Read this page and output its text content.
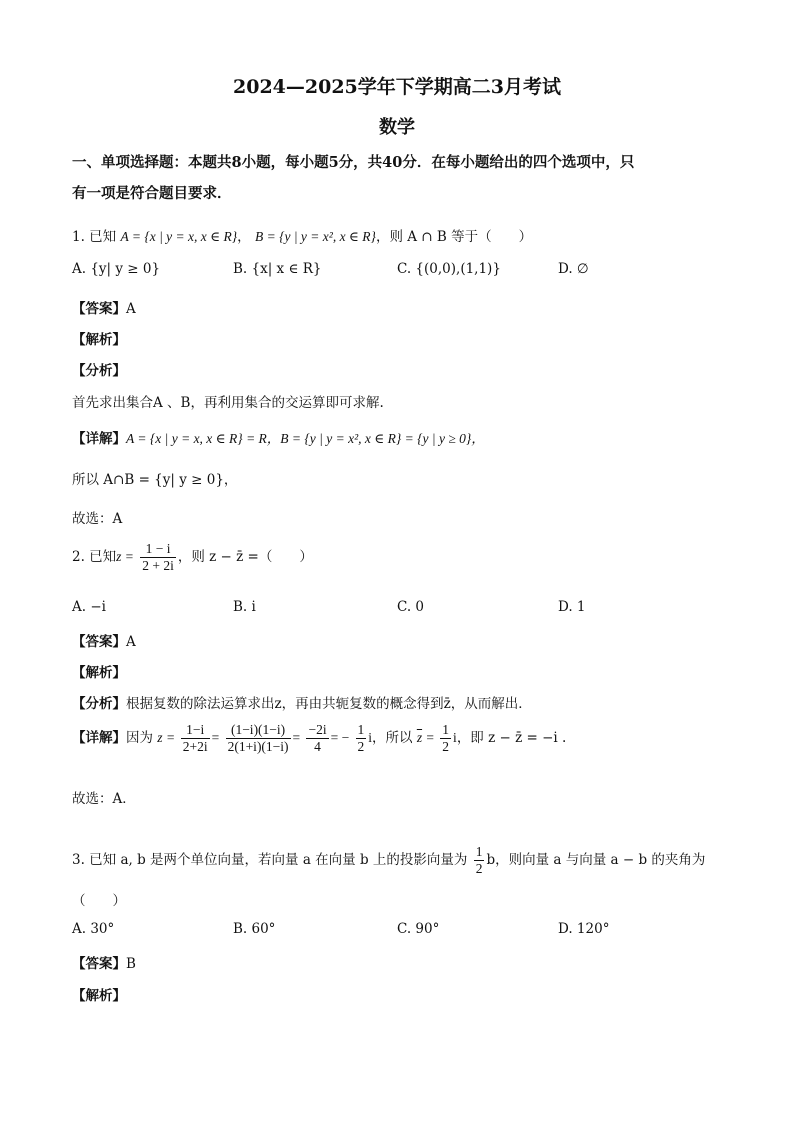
2024—2025学年下学期高二3月考试
数学
一、单项选择题：本题共8小题，每小题5分，共40分．在每小题给出的四个选项中，只
有一项是符合题目要求．
1. 已知 A = {x | y = x, x ∈ R}， B = {y | y = x², x ∈ R}，则 A ∩ B 等于（　　）
A. {y| y ≥ 0}	B. {x| x ∈ R}	C. {(0,0),(1,1)}	D. ∅
【答案】A
【解析】
【分析】
首先求出集合A 、B，再利用集合的交运算即可求解.
【详解】A = {x | y = x, x ∈ R} = R，B = {y | y = x², x ∈ R} = {y | y ≥ 0}，
所以 A∩B = {y| y ≥ 0}，
故选：A
2. 已知$z = \frac{1 - i}{2 + 2i}$ ，则 z − z̄ =（　　）
A. −i	B. i	C. 0	D. 1
【答案】A
【解析】
【分析】根据复数的除法运算求出z，再由共轭复数的概念得到z̄，从而解出．
【详解】因为 $z = \frac{1-i}{2+2i} = \frac{(1-i)(1-i)}{2(1+i)(1-i)} = \frac{-2i}{4}$ = − $\frac{1}{2}$ i，所以 $\overline{z} = \frac{1}{2}$ i，即 z − z̄ = −i .
故选：A．
3. 已知 a, b 是两个单位向量，若向量 a 在向量 b 上的投影向量为 $\frac{1}{2}$ b，则向量 a 与向量 a − b 的夹角为
（　　）
A. 30°	B. 60°	C. 90°	D. 120°
【答案】B
【解析】
